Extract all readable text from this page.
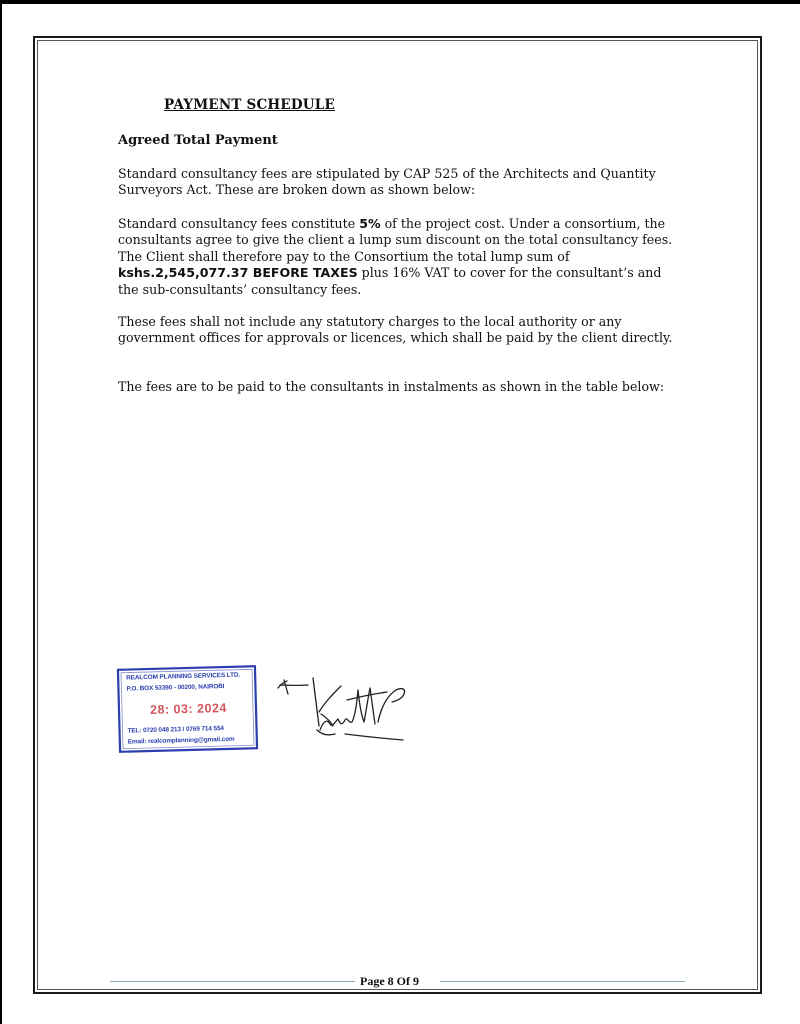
PAYMENT SCHEDULE
Agreed Total Payment

Standard consultancy fees are stipulated by CAP 525 of the Architects and Quantity Surveyors Act. These are broken down as shown below:

Standard consultancy fees constitute 5% of the project cost. Under a consortium, the consultants agree to give the client a lump sum discount on the total consultancy fees. The Client shall therefore pay to the Consortium the total lump sum of kshs.2,545,077.37 BEFORE TAXES plus 16% VAT to cover for the consultant’s and the sub-consultants’ consultancy fees.

These fees shall not include any statutory charges to the local authority or any government offices for approvals or licences, which shall be paid by the client directly.

The fees are to be paid to the consultants in instalments as shown in the table below:

REALCOM PLANNING SERVICES LTD.
P.O. BOX 53390 - 00200, NAIROBI
28: 03: 2024
TEL: 0720 048 213 / 0769 714 554
Email: realcomplanning@gmail.com
Page 8 Of 9
